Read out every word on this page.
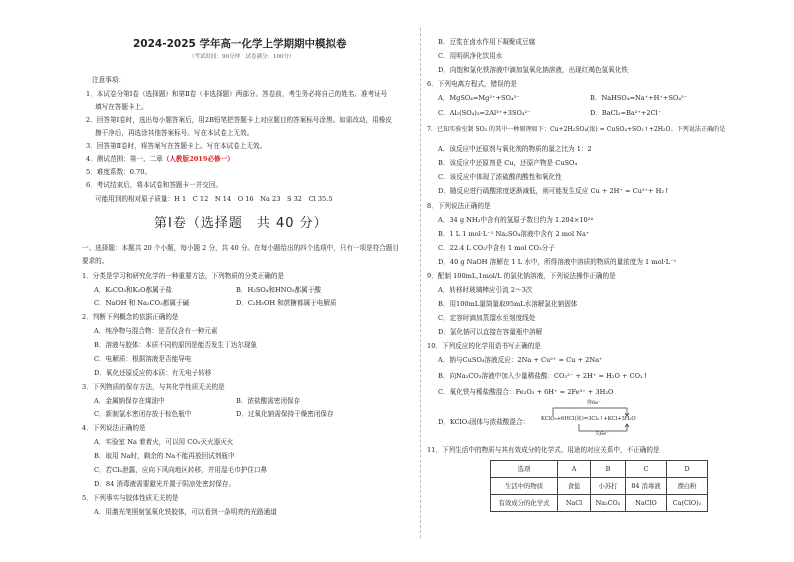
2024-2025 学年高一化学上学期期中模拟卷
（考试时间：90分钟　试卷满分：100分）
注意事项：
1．本试卷分第Ⅰ卷（选择题）和第Ⅱ卷（非选择题）两部分。答卷前，考生务必将自己的姓名、准考证号
填写在答题卡上。
2．回答第Ⅰ卷时，选出每小题答案后，用2B铅笔把答题卡上对应题目的答案标号涂黑。如需改动，用橡皮
擦干净后，再选涂其他答案标号。写在本试卷上无效。
3．回答第Ⅱ卷时，将答案写在答题卡上。写在本试卷上无效。
4．测试范围：第一、二章（人教版2019必修一）
5．难度系数：0.70。
6．考试结束后，将本试卷和答题卡一并交回。
可能用到的相对原子质量：H 1　C 12　N 14　O 16　Na 23　S 32　Cl 35.5
第Ⅰ卷（选择题　共 40 分）
一、选择题：本题共 20 个小题，每小题 2 分，共 40 分。在每小题给出的四个选项中，只有一项是符合题目
要求的。
1．分类是学习和研究化学的一种重要方法，下列物质的分类正确的是
A．K₂CO₃和K₂O都属于盐	B．H₂SO₄和HNO₃都属于酸
C．NaOH 和 Na₂CO₃都属于碱	D．C₂H₅OH 和蔗糖都属于电解质
2．判断下列概念的依据正确的是
A．纯净物与混合物：是否仅含有一种元素
B．溶液与胶体：本质不同的原因是能否发生丁达尔现象
C．电解质：根据溶液是否能导电
D．氧化还原反应的本质：有无电子转移
3．下列物质的保存方法，与其化学性质无关的是
A．金属钠保存在煤油中	B．浓盐酸需密闭保存
C．新制氯水密闭存放于棕色瓶中	D．过氧化钠需保持干燥密闭保存
4．下列说法正确的是
A．实验室 Na 着着火，可以用 CO₂灭火器灭火
B．取用 Na时，剩余的 Na不能再放回试剂瓶中
C．若Cl₂泄露，应向下风向地区转移，并用湿毛巾护住口鼻
D．84 消毒液需要避光并置于阴凉处密封保存。
5．下列事实与胶体性质无关的是
A．用激光笔照射氢氧化铁胶体，可以看到一条明亮的光路通道
B．豆浆在卤水作用下凝聚成豆腐
C．用明矾净化饮用水
D．向饱和氯化铁溶液中滴加氢氧化钠溶液，出现红褐色氢氧化铁
6．下列电离方程式，错误的是
A．MgSO₄=Mg²⁺+SO₄²⁻	B．NaHSO₄=Na⁺+H⁺+SO₄²⁻
C．Al₂(SO₄)₃=2Al³⁺+3SO₄²⁻	D．BaCl₂=Ba²⁺+2Cl⁻
7．已知实验室制 SO₂ 的其中一种原理如下：Cu+2H₂SO₄(浓) = CuSO₄+SO₂↑+2H₂O。下列说法正确的是
A．该反应中还原剂与氧化剂的物质的量之比为 1：2
B．该反应中还原剂是 Cu，还原产物是 CuSO₄
C．该反应中体现了浓硫酸的酸性和氧化性
D．随反应进行硫酸浓度逐渐减低，则可能发生反应 Cu + 2H⁺ = Cu²⁺+ H₂↑
8．下列说法正确的是
A．34 g NH₃中含有的氢原子数目约为 1.204×10²⁴
B．1 L 1 mol·L⁻¹ Na₂SO₄溶液中含有 2 mol Na⁺
C．22.4 L CO₂中含有 1 mol CO₂分子
D．40 g NaOH 溶解在 1 L 水中，所得溶液中溶质的物质的量浓度为 1 mol·L⁻¹
9．配制 100mL,1mol/L 的氯化钠溶液，下列说法操作正确的是
A．转移时玻璃棒应引流 2～3次
B．用100mL量筒量取95mL水溶解氯化钠固体
C．定容时滴加蒸馏水至刻度线处
D．氯化钠可以直接在容量瓶中溶解
10．下列反应的化学用语书写正确的是
A．钠与CuSO₄溶液反应：2Na + Cu²⁺ = Cu + 2Na⁺
B．向Na₂CO₃溶液中加入少量稀盐酸：CO₃²⁻ + 2H⁺ = H₂O + CO₂↑
C．氧化铁与稀盐酸混合：Fe₂O₃ + 6H⁺ = 2Fe³⁺ + 3H₂O
D．KClO₃固体与浓盐酸混合：
得6e⁻
KClO₃+6HCl(浓)=3Cl₂↑+KCl+3H₂O
失6e⁻
11．下列生活中的物质与其有效成分的化学式、用途的对应关系中，不正确的是
选项	A	B	C	D
生活中的物质	食盐	小苏打	84 消毒液	漂白粉
有效成分的化学式	NaCl	Na₂CO₃	NaClO	Ca(ClO)₂
